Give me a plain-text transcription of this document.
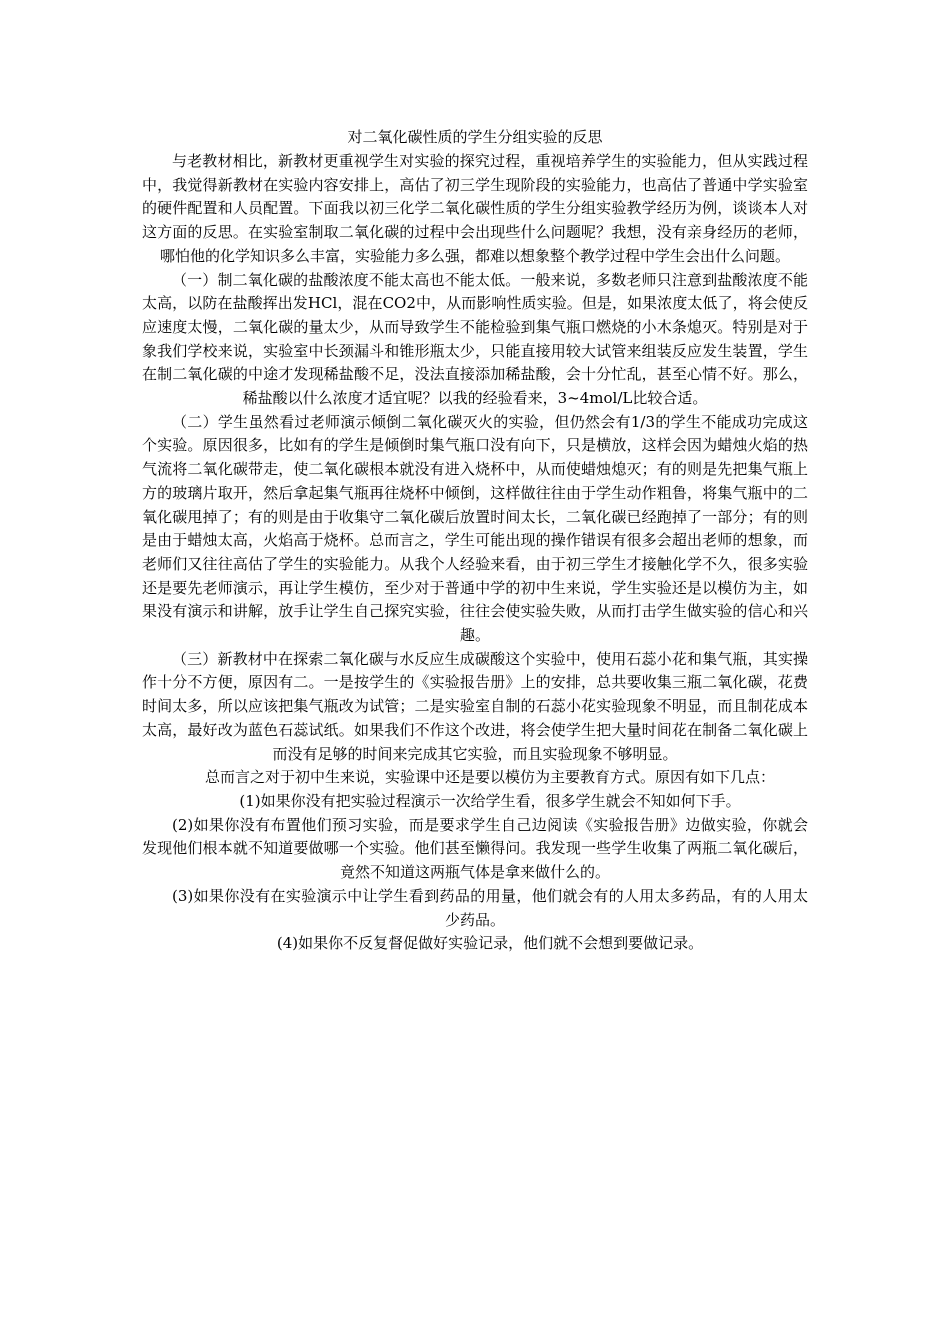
对二氧化碳性质的学生分组实验的反思

与老教材相比，新教材更重视学生对实验的探究过程，重视培养学生的实验能力，但从实践过程中，我觉得新教材在实验内容安排上，高估了初三学生现阶段的实验能力，也高估了普通中学实验室的硬件配置和人员配置。下面我以初三化学二氧化碳性质的学生分组实验教学经历为例，谈谈本人对这方面的反思。在实验室制取二氧化碳的过程中会出现些什么问题呢？我想，没有亲身经历的老师，哪怕他的化学知识多么丰富，实验能力多么强，都难以想象整个教学过程中学生会出什么问题。

（一）制二氧化碳的盐酸浓度不能太高也不能太低。一般来说，多数老师只注意到盐酸浓度不能太高，以防在盐酸挥出发HCl，混在CO2中，从而影响性质实验。但是，如果浓度太低了，将会使反应速度太慢，二氧化碳的量太少，从而导致学生不能检验到集气瓶口燃烧的小木条熄灭。特别是对于象我们学校来说，实验室中长颈漏斗和锥形瓶太少，只能直接用较大试管来组装反应发生装置，学生在制二氧化碳的中途才发现稀盐酸不足，没法直接添加稀盐酸，会十分忙乱，甚至心情不好。那么，稀盐酸以什么浓度才适宜呢？以我的经验看来，3~4mol/L比较合适。

（二）学生虽然看过老师演示倾倒二氧化碳灭火的实验，但仍然会有1/3的学生不能成功完成这个实验。原因很多，比如有的学生是倾倒时集气瓶口没有向下，只是横放，这样会因为蜡烛火焰的热气流将二氧化碳带走，使二氧化碳根本就没有进入烧杯中，从而使蜡烛熄灭；有的则是先把集气瓶上方的玻璃片取开，然后拿起集气瓶再往烧杯中倾倒，这样做往往由于学生动作粗鲁，将集气瓶中的二氧化碳甩掉了；有的则是由于收集守二氧化碳后放置时间太长，二氧化碳已经跑掉了一部分；有的则是由于蜡烛太高，火焰高于烧杯。总而言之，学生可能出现的操作错误有很多会超出老师的想象，而老师们又往往高估了学生的实验能力。从我个人经验来看，由于初三学生才接触化学不久，很多实验还是要先老师演示，再让学生模仿，至少对于普通中学的初中生来说，学生实验还是以模仿为主，如果没有演示和讲解，放手让学生自己探究实验，往往会使实验失败，从而打击学生做实验的信心和兴趣。

（三）新教材中在探索二氧化碳与水反应生成碳酸这个实验中，使用石蕊小花和集气瓶，其实操作十分不方便，原因有二。一是按学生的《实验报告册》上的安排，总共要收集三瓶二氧化碳，花费时间太多，所以应该把集气瓶改为试管；二是实验室自制的石蕊小花实验现象不明显，而且制花成本太高，最好改为蓝色石蕊试纸。如果我们不作这个改进，将会使学生把大量时间花在制备二氧化碳上而没有足够的时间来完成其它实验，而且实验现象不够明显。

总而言之对于初中生来说，实验课中还是要以模仿为主要教育方式。原因有如下几点：

(1)如果你没有把实验过程演示一次给学生看，很多学生就会不知如何下手。

(2)如果你没有布置他们预习实验，而是要求学生自己边阅读《实验报告册》边做实验，你就会发现他们根本就不知道要做哪一个实验。他们甚至懒得问。我发现一些学生收集了两瓶二氧化碳后，竟然不知道这两瓶气体是拿来做什么的。

(3)如果你没有在实验演示中让学生看到药品的用量，他们就会有的人用太多药品，有的人用太少药品。

(4)如果你不反复督促做好实验记录，他们就不会想到要做记录。
